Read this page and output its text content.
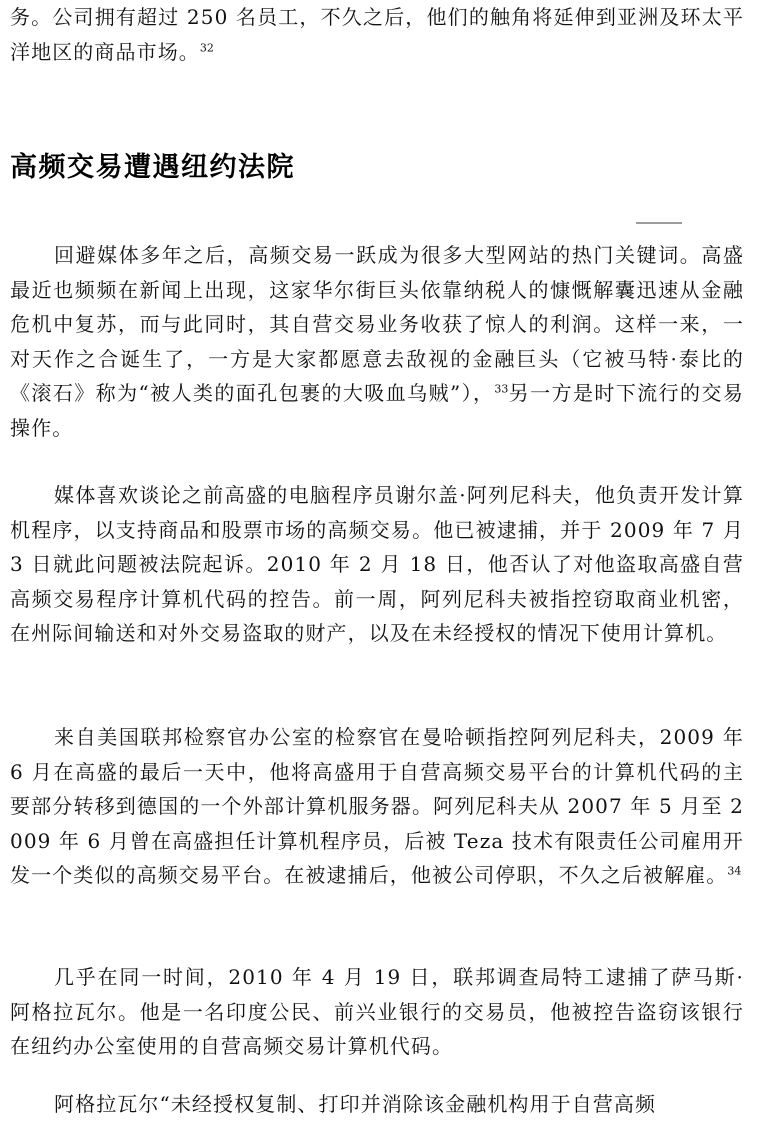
务。公司拥有超过 250 名员工，不久之后，他们的触角将延伸到亚洲及环太平洋地区的商品市场。$^{32}$

高频交易遭遇纽约法院

回避媒体多年之后，高频交易一跃成为很多大型网站的热门关键词。高盛最近也频频在新闻上出现，这家华尔街巨头依靠纳税人的慷慨解囊迅速从金融危机中复苏，而与此同时，其自营交易业务收获了惊人的利润。这样一来，一对天作之合诞生了，一方是大家都愿意去敌视的金融巨头（它被马特·泰比的《滚石》称为“被人类的面孔包裹的大吸血乌贼”），$^{33}$另一方是时下流行的交易操作。

媒体喜欢谈论之前高盛的电脑程序员谢尔盖·阿列尼科夫，他负责开发计算机程序，以支持商品和股票市场的高频交易。他已被逮捕，并于 2009 年 7 月 3 日就此问题被法院起诉。2010 年 2 月 18 日，他否认了对他盗取高盛自营高频交易程序计算机代码的控告。前一周，阿列尼科夫被指控窃取商业机密，在州际间输送和对外交易盗取的财产，以及在未经授权的情况下使用计算机。

来自美国联邦检察官办公室的检察官在曼哈顿指控阿列尼科夫，2009 年 6 月在高盛的最后一天中，他将高盛用于自营高频交易平台的计算机代码的主要部分转移到德国的一个外部计算机服务器。阿列尼科夫从 2007 年 5 月至 2009 年 6 月曾在高盛担任计算机程序员，后被 Teza 技术有限责任公司雇用开发一个类似的高频交易平台。在被逮捕后，他被公司停职，不久之后被解雇。$^{34}$

几乎在同一时间，2010 年 4 月 19 日，联邦调查局特工逮捕了萨马斯·阿格拉瓦尔。他是一名印度公民、前兴业银行的交易员，他被控告盗窃该银行在纽约办公室使用的自营高频交易计算机代码。

阿格拉瓦尔“未经授权复制、打印并消除该金融机构用于自营高频
